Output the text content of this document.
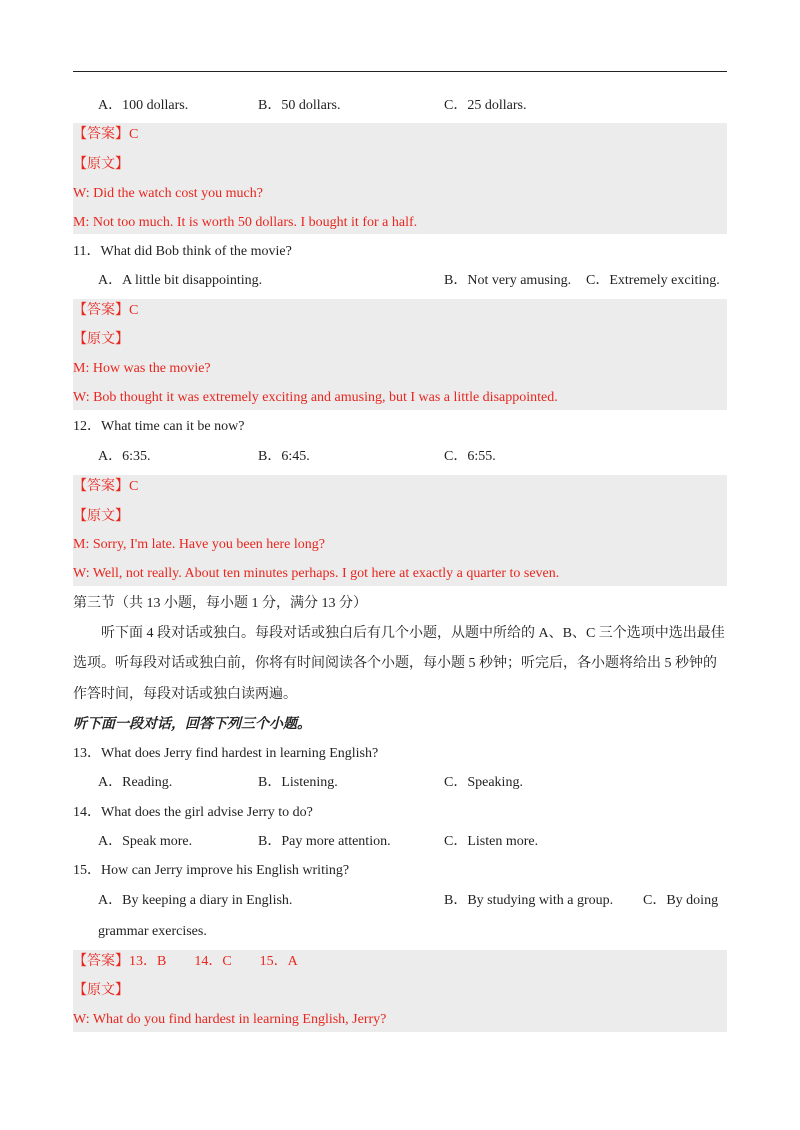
A．100 dollars.	B．50 dollars.	C．25 dollars.
【答案】C
【原文】
W: Did the watch cost you much?
M: Not too much. It is worth 50 dollars. I bought it for a half.
11．What did Bob think of the movie?
A．A little bit disappointing.	B．Not very amusing. C．Extremely exciting.
【答案】C
【原文】
M: How was the movie?
W: Bob thought it was extremely exciting and amusing, but I was a little disappointed.
12．What time can it be now?
A．6:35.	B．6:45.	C．6:55.
【答案】C
【原文】
M: Sorry, I'm late. Have you been here long?
W: Well, not really. About ten minutes perhaps. I got here at exactly a quarter to seven.
第三节（共 13 小题，每小题 1 分，满分 13 分）
听下面 4 段对话或独白。每段对话或独白后有几个小题，从题中所给的 A、B、C 三个选项中选出最佳
选项。听每段对话或独白前，你将有时间阅读各个小题，每小题 5 秒钟；听完后，各小题将给出 5 秒钟的
作答时间，每段对话或独白读两遍。
听下面一段对话，回答下列三个小题。
13．What does Jerry find hardest in learning English?
A．Reading.	B．Listening.	C．Speaking.
14．What does the girl advise Jerry to do?
A．Speak more.	B．Pay more attention.	C．Listen more.
15．How can Jerry improve his English writing?
A．By keeping a diary in English.	B．By studying with a group. C．By doing
grammar exercises.
【答案】13．B　　14．C　　15．A
【原文】
W: What do you find hardest in learning English, Jerry?
